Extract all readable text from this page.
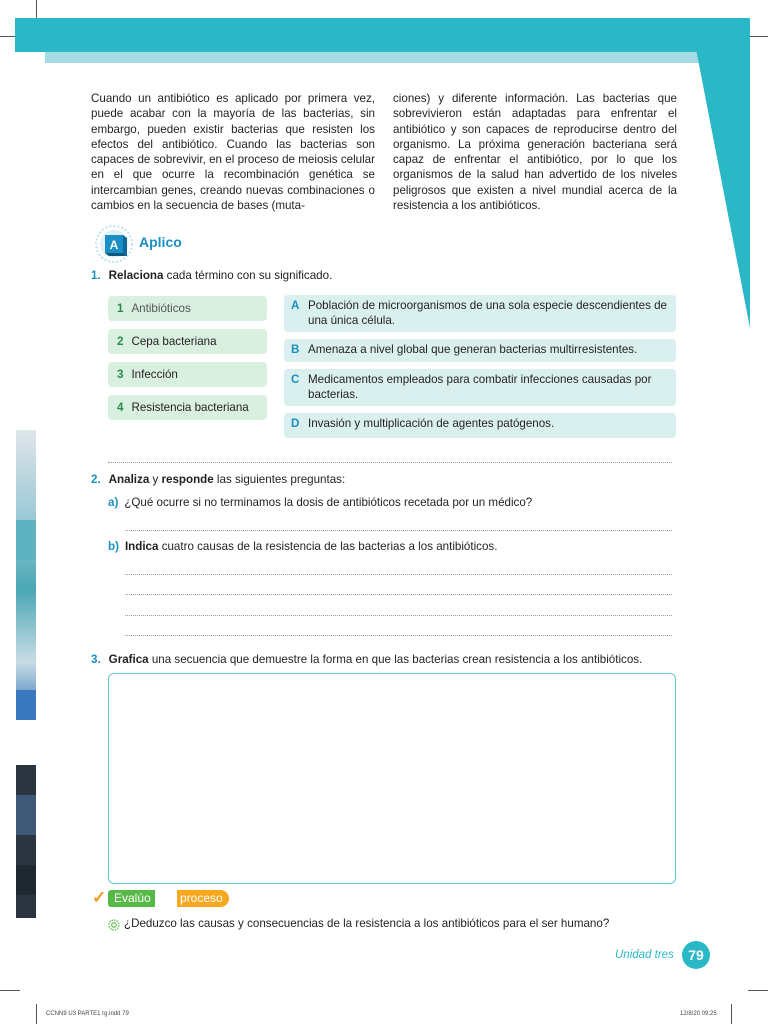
Cuando un antibiótico es aplicado por primera vez, puede acabar con la mayoría de las bacterias, sin embargo, pueden existir bacterias que resisten los efectos del antibiótico. Cuando las bacterias son capaces de sobrevivir, en el proceso de meiosis celular en el que ocurre la recombinación genética se intercambian genes, creando nuevas combinaciones o cambios en la secuencia de bases (muta-

ciones) y diferente información. Las bacterias que sobrevivieron están adaptadas para enfrentar el antibiótico y son capaces de reproducirse dentro del organismo. La próxima generación bacteriana será capaz de enfrentar el antibiótico, por lo que los organismos de la salud han advertido de los niveles peligrosos que existen a nivel mundial acerca de la resistencia a los antibióticos.

A Aplico
1. Relaciona cada término con su significado.
1 Antibióticos
2 Cepa bacteriana
3 Infección
4 Resistencia bacteriana
A Población de microorganismos de una sola especie descendientes de una única célula.
B Amenaza a nivel global que generan bacterias multirresistentes.
C Medicamentos empleados para combatir infecciones causadas por bacterias.
D Invasión y multiplicación de agentes patógenos.
2. Analiza y responde las siguientes preguntas:
a) ¿Qué ocurre si no terminamos la dosis de antibióticos recetada por un médico?
b) Indica cuatro causas de la resistencia de las bacterias a los antibióticos.
3. Grafica una secuencia que demuestre la forma en que las bacterias crean resistencia a los antibióticos.
✓ Evalúo mi
proceso
¿Deduzco las causas y consecuencias de la resistencia a los antibióticos para el ser humano?
Unidad tres	79
CCNN9 U3 PARTE1 rg.indd 79	12/8/20 09:25
